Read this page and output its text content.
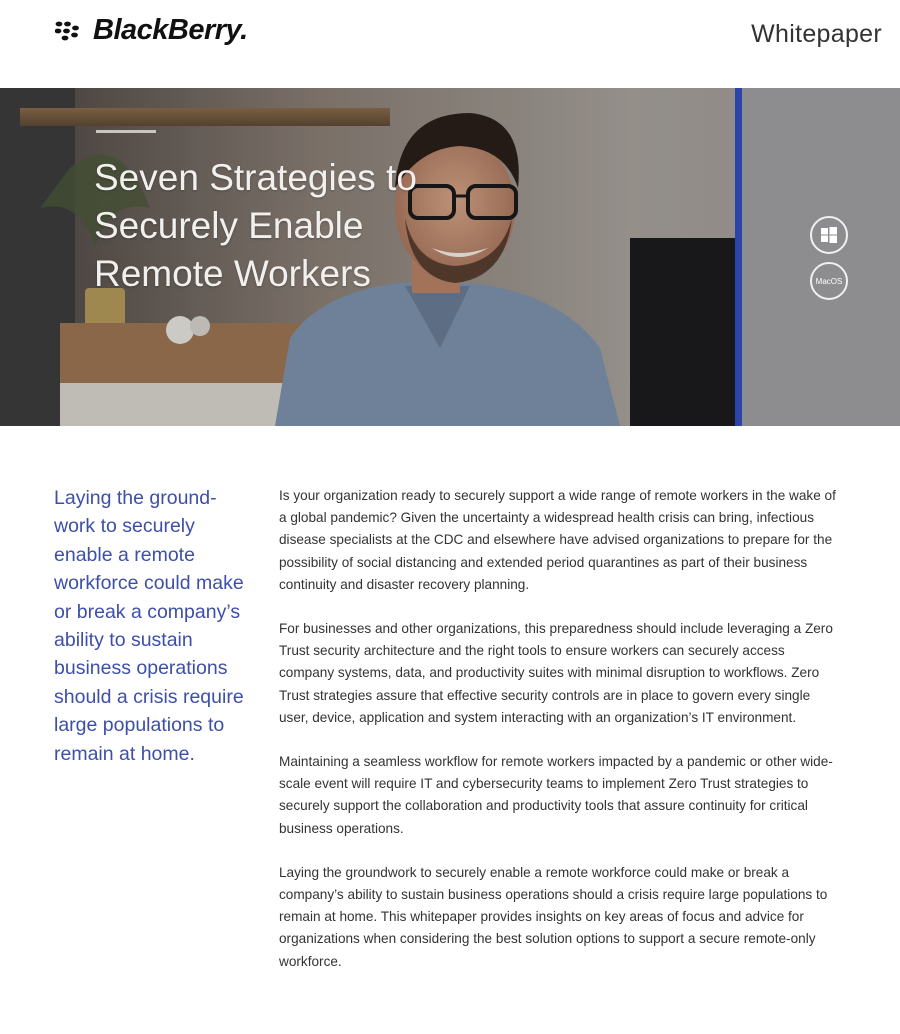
BlackBerry.	Whitepaper
Seven Strategies to Securely Enable Remote Workers	MacOS
Laying the ground-work to securely enable a remote workforce could make or break a company’s ability to sustain business operations should a crisis require large populations to remain at home.

Is your organization ready to securely support a wide range of remote workers in the wake of a global pandemic? Given the uncertainty a widespread health crisis can bring, infectious disease specialists at the CDC and elsewhere have advised organizations to prepare for the possibility of social distancing and extended period quarantines as part of their business continuity and disaster recovery planning.

For businesses and other organizations, this preparedness should include leveraging a Zero Trust security architecture and the right tools to ensure workers can securely access company systems, data, and productivity suites with minimal disruption to workflows. Zero Trust strategies assure that effective security controls are in place to govern every single user, device, application and system interacting with an organization’s IT environment.

Maintaining a seamless workflow for remote workers impacted by a pandemic or other wide-scale event will require IT and cybersecurity teams to implement Zero Trust strategies to securely support the collaboration and productivity tools that assure continuity for critical business operations.

Laying the groundwork to securely enable a remote workforce could make or break a company’s ability to sustain business operations should a crisis require large populations to remain at home. This whitepaper provides insights on key areas of focus and advice for organizations when considering the best solution options to support a secure remote-only workforce.
